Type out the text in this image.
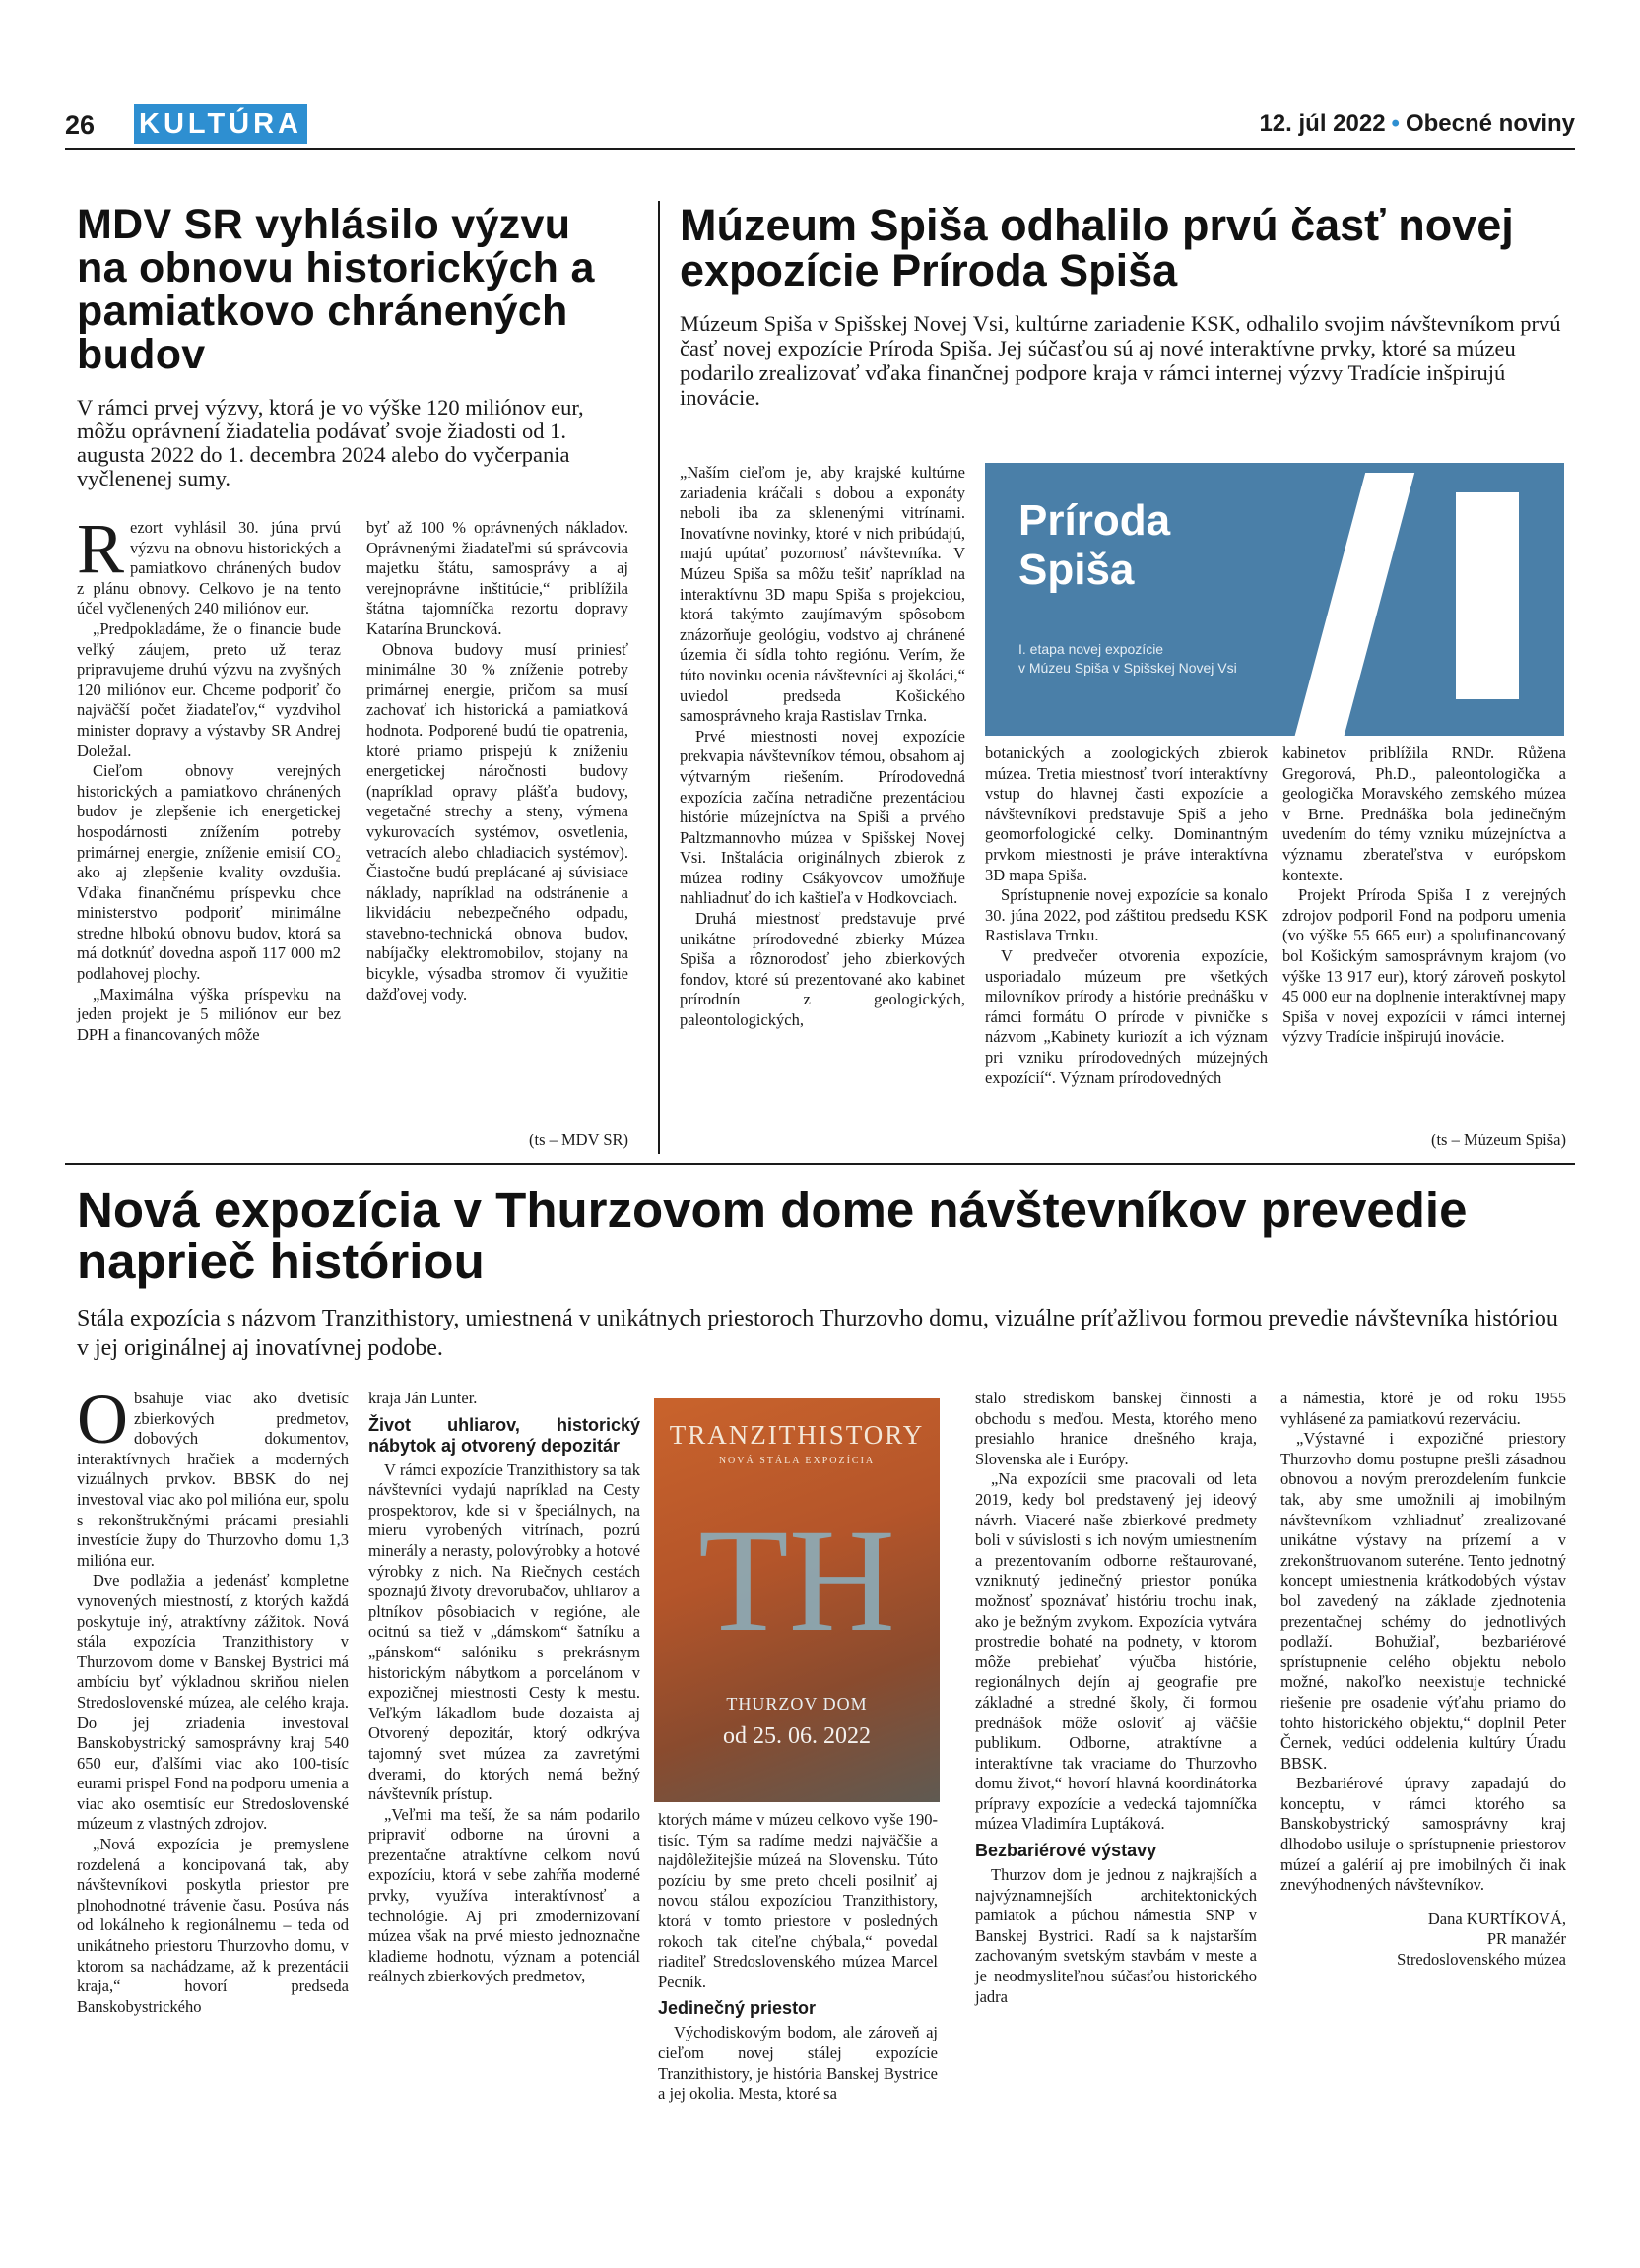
26 KULTÚRA	12. júl 2022 • Obecné noviny
MDV SR vyhlásilo výzvu na obnovu historických a pamiatkovo chránených budov
V rámci prvej výzvy, ktorá je vo výške 120 miliónov eur, môžu oprávnení žiadatelia podávať svoje žiadosti od 1. augusta 2022 do 1. decembra 2024 alebo do vyčerpania vyčlenenej sumy.

Rezort vyhlásil 30. júna prvú výzvu na obnovu historických a pamiatkovo chránených budov z plánu obnovy. Celkovo je na tento účel vyčlenených 240 miliónov eur.

„Predpokladáme, že o financie bude veľký záujem, preto už teraz pripravujeme druhú výzvu na zvyšných 120 miliónov eur. Chceme podporiť čo najväčší počet žiadateľov,“ vyzdvihol minister dopravy a výstavby SR Andrej Doležal.

Cieľom obnovy verejných historických a pamiatkovo chránených budov je zlepšenie ich energetickej hospodárnosti znížením potreby primárnej energie, zníženie emisií CO₂ ako aj zlepšenie kvality ovzdušia. Vďaka finančnému príspevku chce ministerstvo podporiť minimálne stredne hlbokú obnovu budov, ktorá sa má dotknúť dovedna aspoň 117 000 m2 podlahovej plochy.

„Maximálna výška príspevku na jeden projekt je 5 miliónov eur bez DPH a financovaných môže

byť až 100 % oprávnených nákladov. Oprávnenými žiadateľmi sú správcovia majetku štátu, samosprávy a aj verejnoprávne inštitúcie,“ priblížila štátna tajomníčka rezortu dopravy Katarína Bruncková.

Obnova budovy musí priniesť minimálne 30 % zníženie potreby primárnej energie, pričom sa musí zachovať ich historická a pamiatková hodnota. Podporené budú tie opatrenia, ktoré priamo prispejú k zníženiu energetickej náročnosti budovy (napríklad opravy plášťa budovy, vegetačné strechy a steny, výmena vykurovacích systémov, osvetlenia, vetracích alebo chladiacich systémov). Čiastočne budú preplácané aj súvisiace náklady, napríklad na odstránenie a likvidáciu nebezpečného odpadu, stavebno-technická obnova budov, nabíjačky elektromobilov, stojany na bicykle, výsadba stromov či využitie dažďovej vody.

(ts – MDV SR)

Múzeum Spiša odhalilo prvú časť novej expozície Príroda Spiša
Múzeum Spiša v Spišskej Novej Vsi, kultúrne zariadenie KSK, odhalilo svojim návštevníkom prvú časť novej expozície Príroda Spiša. Jej súčasťou sú aj nové interaktívne prvky, ktoré sa múzeu podarilo zrealizovať vďaka finančnej podpore kraja v rámci internej výzvy Tradície inšpirujú inovácie.

„Naším cieľom je, aby krajské kultúrne zariadenia kráčali s dobou a exponáty neboli iba za sklenenými vitrínami. Inovatívne novinky, ktoré v nich pribúdajú, majú upútať pozornosť návštevníka. V Múzeu Spiša sa môžu tešiť napríklad na interaktívnu 3D mapu Spiša s projekciou, ktorá takýmto zaujímavým spôsobom znázorňuje geológiu, vodstvo aj chránené územia či sídla tohto regiónu. Verím, že túto novinku ocenia návštevníci aj školáci,“ uviedol predseda Košického samosprávneho kraja Rastislav Trnka.

Prvé miestnosti novej expozície prekvapia návštevníkov témou, obsahom aj výtvarným riešením. Prírodovedná expozícia začína netradične prezentáciou histórie múzejníctva na Spiši a prvého Paltzmannovho múzea v Spišskej Novej Vsi. Inštalácia originálnych zbierok z múzea rodiny Csákyovcov umožňuje nahliadnuť do ich kaštieľa v Hodkovciach.

Druhá miestnosť predstavuje prvé unikátne prírodovedné zbierky Múzea Spiša a rôznorodosť jeho zbierkových fondov, ktoré sú prezentované ako kabinet prírodnín z geologických, paleontologických,

Príroda
Spiša
I. etapa novej expozície
v Múzeu Spiša v Spišskej Novej Vsi

botanických a zoologických zbierok múzea. Tretia miestnosť tvorí interaktívny vstup do hlavnej časti expozície a návštevníkovi predstavuje Spiš a jeho geomorfologické celky. Dominantným prvkom miestnosti je práve interaktívna 3D mapa Spiša.

Sprístupnenie novej expozície sa konalo 30. júna 2022, pod záštitou predsedu KSK Rastislava Trnku.

V predvečer otvorenia expozície, usporiadalo múzeum pre všetkých milovníkov prírody a histórie prednášku v rámci formátu O prírode v pivničke s názvom „Kabinety kuriozít a ich význam pri vzniku prírodovedných múzejných expozícií“. Význam prírodovedných

kabinetov priblížila RNDr. Růžena Gregorová, Ph.D., paleontologička a geologička Moravského zemského múzea v Brne. Prednáška bola jedinečným uvedením do témy vzniku múzejníctva a významu zberateľstva v európskom kontexte.

Projekt Príroda Spiša I z verejných zdrojov podporil Fond na podporu umenia (vo výške 55 665 eur) a spolufinancovaný bol Košickým samosprávnym krajom (vo výške 13 917 eur), ktorý zároveň poskytol 45 000 eur na doplnenie interaktívnej mapy Spiša v novej expozícii v rámci internej výzvy Tradície inšpirujú inovácie.

(ts – Múzeum Spiša)

Nová expozícia v Thurzovom dome návštevníkov prevedie naprieč históriou
Stála expozícia s názvom Tranzithistory, umiestnená v unikátnych priestoroch Thurzovho domu, vizuálne príťažlivou formou prevedie návštevníka históriou v jej originálnej aj inovatívnej podobe.

Obsahuje viac ako dvetisíc zbierkových predmetov, dobových dokumentov, interaktívnych hračiek a moderných vizuálnych prvkov. BBSK do nej investoval viac ako pol milióna eur, spolu s rekonštrukčnými prácami presiahli investície župy do Thurzovho domu 1,3 milióna eur.

Dve podlažia a jedenásť kompletne vynovených miestností, z ktorých každá poskytuje iný, atraktívny zážitok. Nová stála expozícia Tranzithistory v Thurzovom dome v Banskej Bystrici má ambíciu byť výkladnou skriňou nielen Stredoslovenské múzea, ale celého kraja. Do jej zriadenia investoval Banskobystrický samosprávny kraj 540 650 eur, ďalšími viac ako 100-tisíc eurami prispel Fond na podporu umenia a viac ako osemtisíc eur Stredoslovenské múzeum z vlastných zdrojov.

„Nová expozícia je premyslene rozdelená a koncipovaná tak, aby návštevníkovi poskytla priestor pre plnohodnotné trávenie času. Posúva nás od lokálneho k regionálnemu – teda od unikátneho priestoru Thurzovho domu, v ktorom sa nachádzame, až k prezentácii kraja,“ hovorí predseda Banskobystrického

kraja Ján Lunter.

Život uhliarov, historický nábytok aj otvorený depozitár

V rámci expozície Tranzithistory sa tak návštevníci vydajú napríklad na Cesty prospektorov, kde si v špeciálnych, na mieru vyrobených vitrínach, pozrú minerály a nerasty, polovýrobky a hotové výrobky z nich. Na Riečnych cestách spoznajú životy drevorubačov, uhliarov a pltníkov pôsobiacich v regióne, ale ocitnú sa tiež v „dámskom“ šatníku a „pánskom“ salóniku s prekrásnym historickým nábytkom a porcelánom v expozičnej miestnosti Cesty k mestu. Veľkým lákadlom bude dozaista aj Otvorený depozitár, ktorý odkrýva tajomný svet múzea za zavretými dverami, do ktorých nemá bežný návštevník prístup.

„Veľmi ma teší, že sa nám podarilo pripraviť odborne na úrovni a prezentačne atraktívne celkom novú expozíciu, ktorá v sebe zahŕňa moderné prvky, využíva interaktívnosť a technológie. Aj pri zmodernizovaní múzea však na prvé miesto jednoznačne kladieme hodnotu, význam a potenciál reálnych zbierkových predmetov,

TRANZITHISTORY
NOVÁ STÁLA EXPOZÍCIA
TH
THURZOV DOM
od 25. 06. 2022

ktorých máme v múzeu celkovo vyše 190-tisíc. Tým sa radíme medzi najväčšie a najdôležitejšie múzeá na Slovensku. Túto pozíciu by sme preto chceli posilniť aj novou stálou expozíciou Tranzithistory, ktorá v tomto priestore v posledných rokoch tak citeľne chýbala,“ povedal riaditeľ Stredoslovenského múzea Marcel Pecník.

Jedinečný priestor

Východiskovým bodom, ale zároveň aj cieľom novej stálej expozície Tranzithistory, je história Banskej Bystrice a jej okolia. Mesta, ktoré sa

stalo strediskom banskej činnosti a obchodu s meďou. Mesta, ktorého meno presiahlo hranice dnešného kraja, Slovenska ale i Európy.

„Na expozícii sme pracovali od leta 2019, kedy bol predstavený jej ideový návrh. Viaceré naše zbierkové predmety boli v súvislosti s ich novým umiestnením a prezentovaním odborne reštaurované, vzniknutý jedinečný priestor ponúka možnosť spoznávať históriu trochu inak, ako je bežným zvykom. Expozícia vytvára prostredie bohaté na podnety, v ktorom môže prebiehať výučba histórie, regionálnych dejín aj geografie pre základné a stredné školy, či formou prednášok môže osloviť aj väčšie publikum. Odborne, atraktívne a interaktívne tak vraciame do Thurzovho domu život,“ hovorí hlavná koordinátorka prípravy expozície a vedecká tajomníčka múzea Vladimíra Luptáková.

Bezbariérové výstavy

Thurzov dom je jednou z najkrajších a najvýznamnejších architektonických pamiatok a púchou námestia SNP v Banskej Bystrici. Radí sa k najstarším zachovaným svetským stavbám v meste a je neodmysliteľnou súčasťou historického jadra

a námestia, ktoré je od roku 1955 vyhlásené za pamiatkovú rezerváciu.

„Výstavné i expozičné priestory Thurzovho domu postupne prešli zásadnou obnovou a novým prerozdelením funkcie tak, aby sme umožnili aj imobilným návštevníkom vzhliadnuť zrealizované unikátne výstavy na prízemí a v zrekonštruovanom suteréne. Tento jednotný koncept umiestnenia krátkodobých výstav bol zavedený na základe zjednotenia prezentačnej schémy do jednotlivých podlaží. Bohužiaľ, bezbariérové sprístupnenie celého objektu nebolo možné, nakoľko neexistuje technické riešenie pre osadenie výťahu priamo do tohto historického objektu,“ doplnil Peter Černek, vedúci oddelenia kultúry Úradu BBSK.

Bezbariérové úpravy zapadajú do konceptu, v rámci ktorého sa Banskobystrický samosprávny kraj dlhodobo usiluje o sprístupnenie priestorov múzeí a galérií aj pre imobilných či inak znevýhodnených návštevníkov.

Dana KURTÍKOVÁ,

PR manažér

Stredoslovenského múzea
